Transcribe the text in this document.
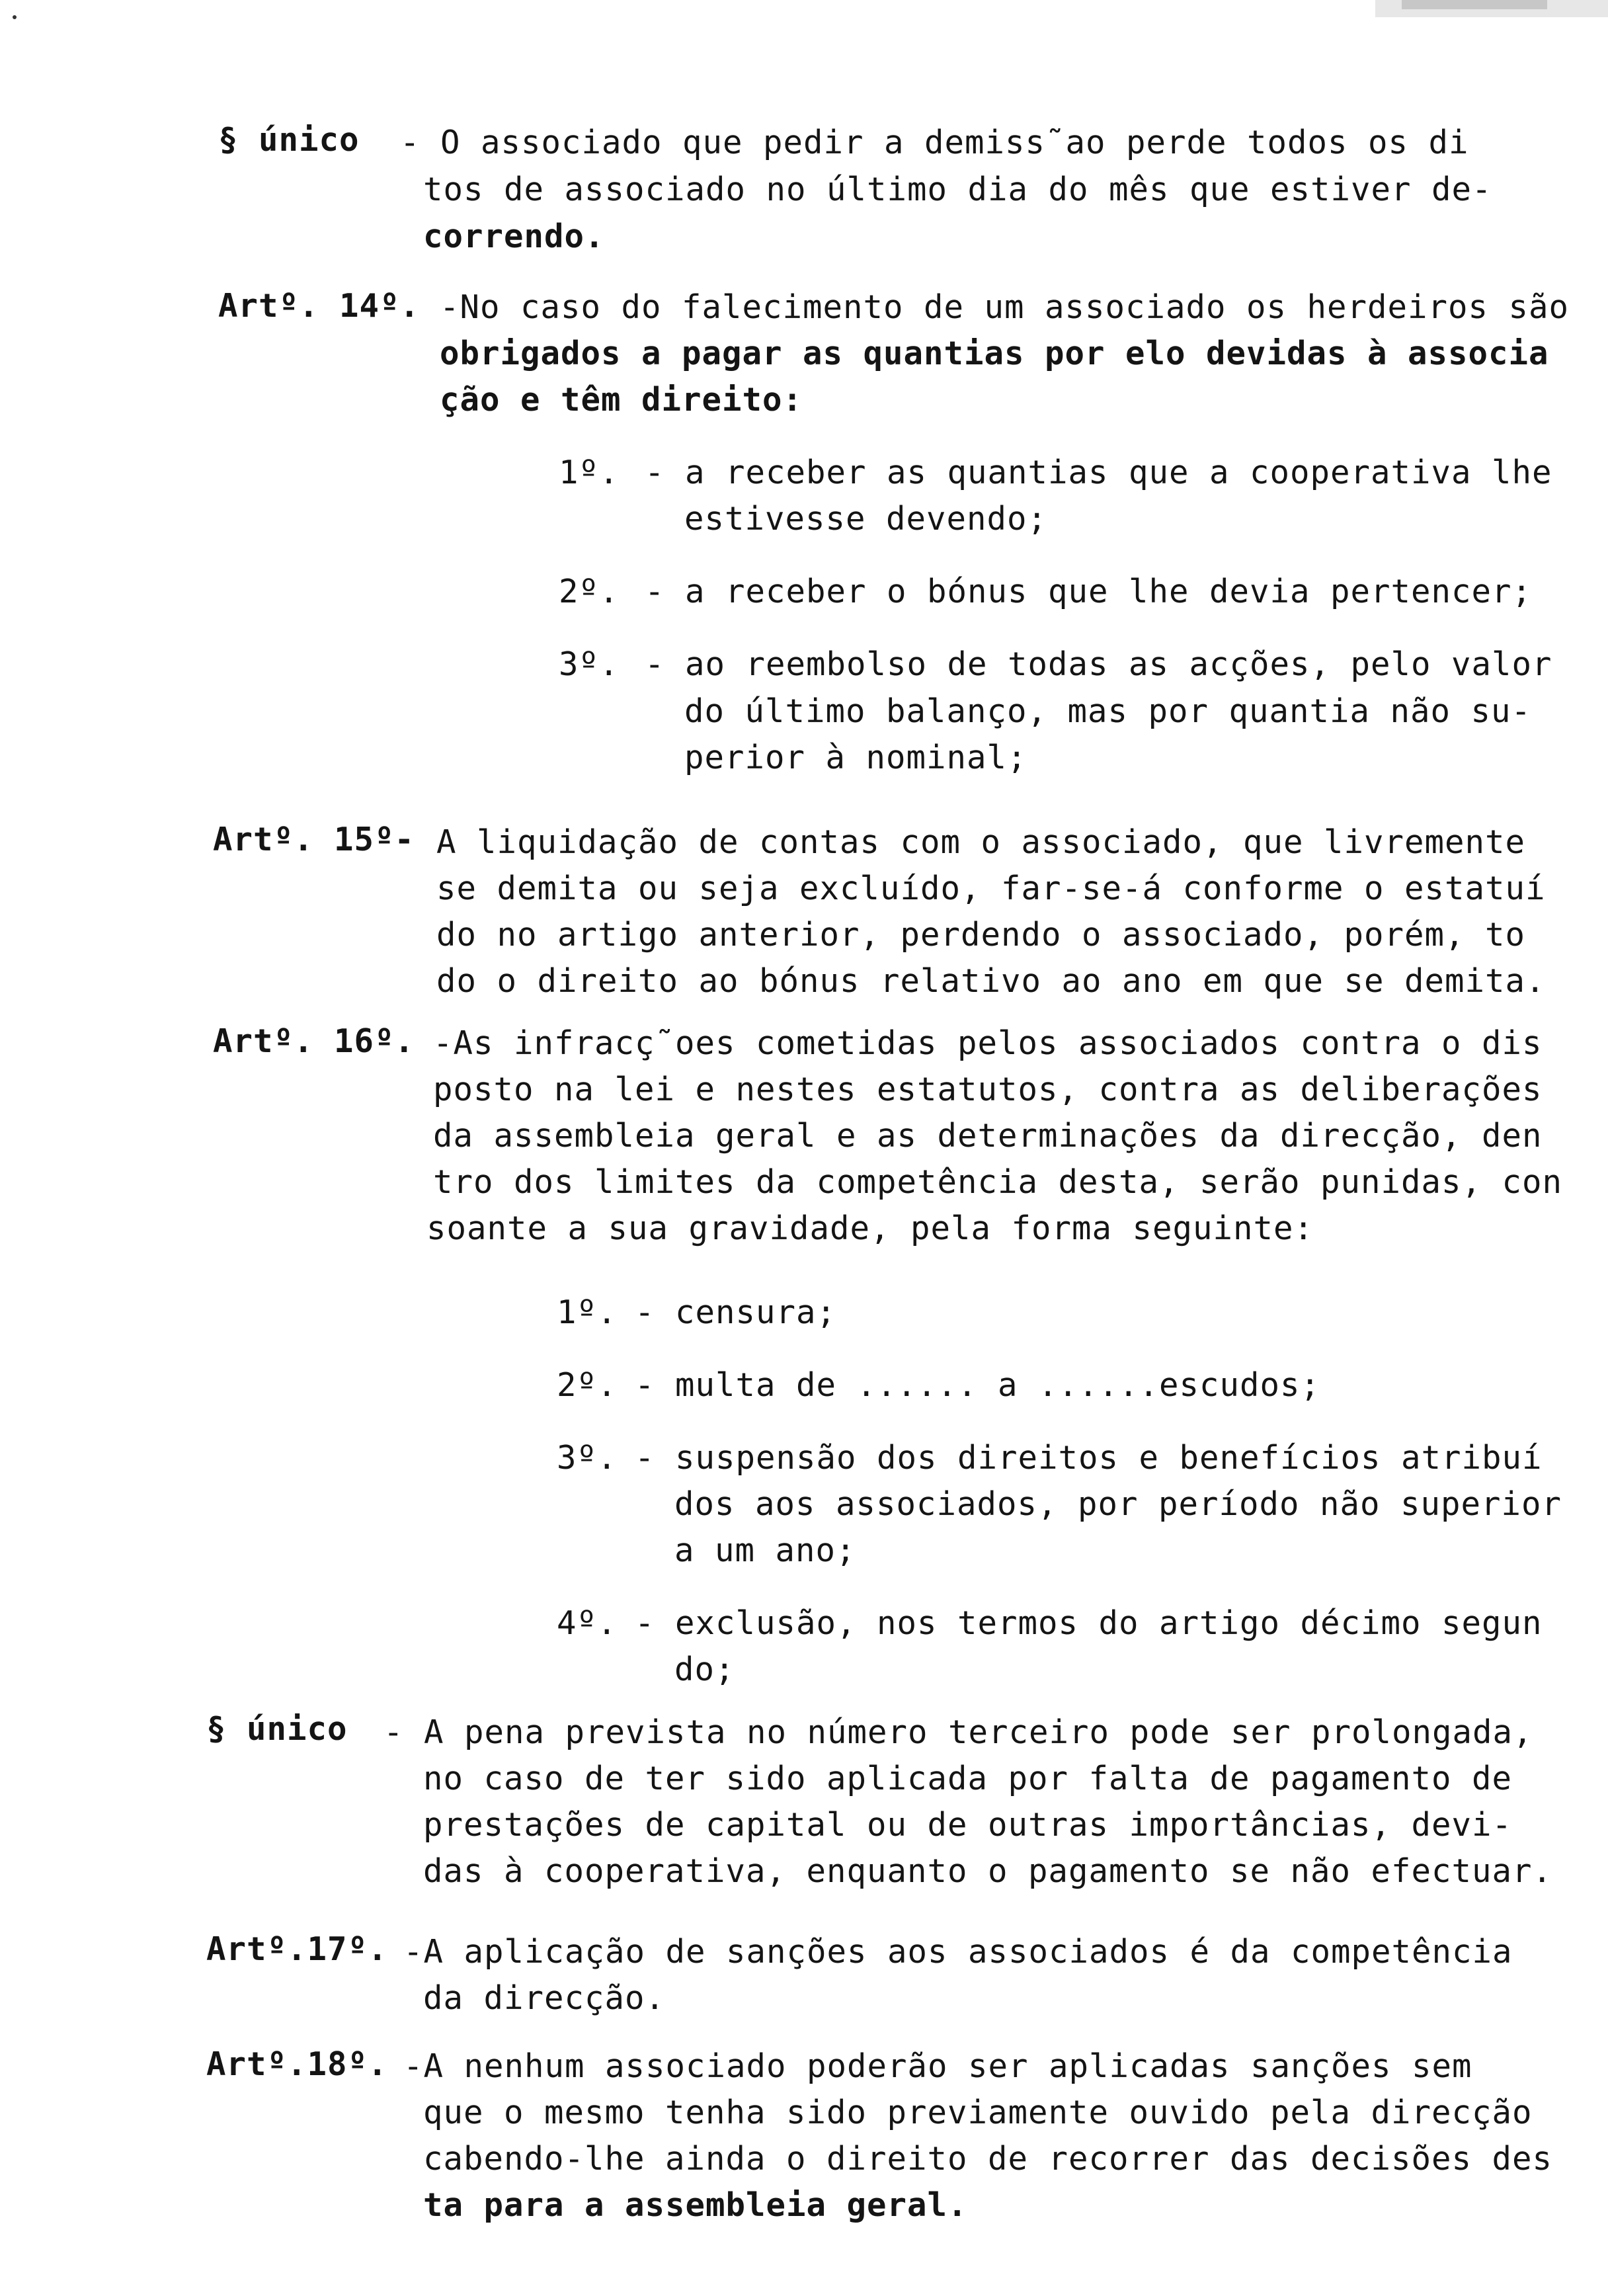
§ único - O associado que pedir a demiss˜ao perde todos os di
tos de associado no último dia do mês que estiver de-
correndo.
Artº. 14º. -No caso do falecimento de um associado os herdeiros são
obrigados a pagar as quantias por elo devidas à associa
ção e têm direito:
1º. - a receber as quantias que a cooperativa lhe
estivesse devendo;
2º. - a receber o bónus que lhe devia pertencer;
3º. - ao reembolso de todas as acções, pelo valor
do último balanço, mas por quantia não su-
perior à nominal;
Artº. 15º- A liquidação de contas com o associado, que livremente
se demita ou seja excluído, far-se-á conforme o estatuí
do no artigo anterior, perdendo o associado, porém, to
do o direito ao bónus relativo ao ano em que se demita.
Artº. 16º. -As infracç˜oes cometidas pelos associados contra o dis
posto na lei e nestes estatutos, contra as deliberações
da assembleia geral e as determinações da direcção, den
tro dos limites da competência desta, serão punidas, con
soante a sua gravidade, pela forma seguinte:
1º. - censura;
2º. - multa de ...... a ......escudos;
3º. - suspensão dos direitos e benefícios atribuí
dos aos associados, por período não superior
a um ano;
4º. - exclusão, nos termos do artigo décimo segun
do;
§ único - A pena prevista no número terceiro pode ser prolongada,
no caso de ter sido aplicada por falta de pagamento de
prestações de capital ou de outras importâncias, devi-
das à cooperativa, enquanto o pagamento se não efectuar.
Artº.17º. -A aplicação de sanções aos associados é da competência
da direcção.
Artº.18º. -A nenhum associado poderão ser aplicadas sanções sem
que o mesmo tenha sido previamente ouvido pela direcção
cabendo-lhe ainda o direito de recorrer das decisões des
ta para a assembleia geral.
